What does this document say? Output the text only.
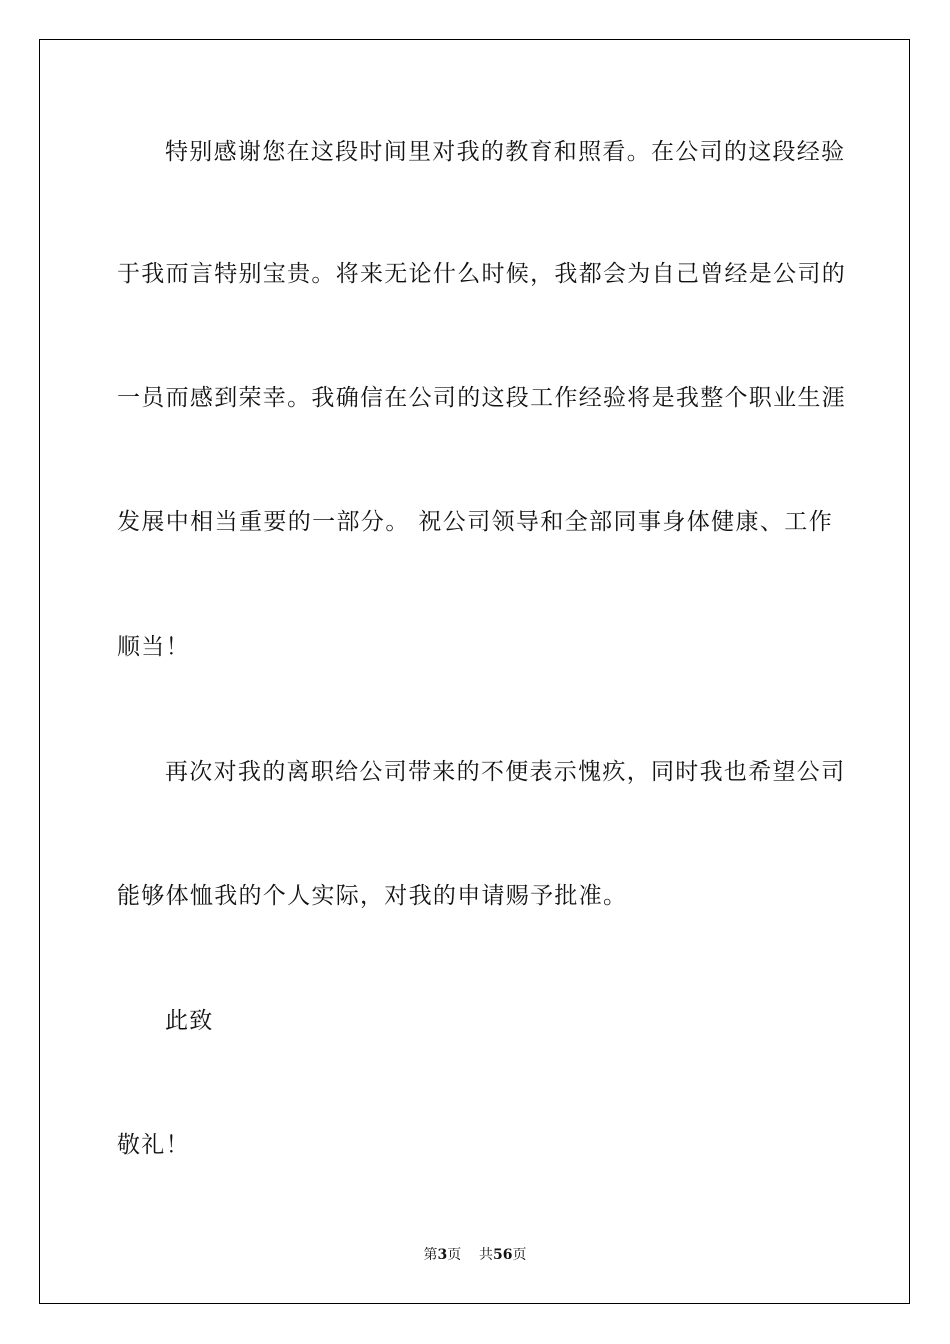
特别感谢您在这段时间里对我的教育和照看。在公司的这段经验
于我而言特别宝贵。将来无论什么时候，我都会为自己曾经是公司的
一员而感到荣幸。我确信在公司的这段工作经验将是我整个职业生涯
发展中相当重要的一部分。 祝公司领导和全部同事身体健康、工作
顺当！
再次对我的离职给公司带来的不便表示愧疚，同时我也希望公司
能够体恤我的个人实际，对我的申请赐予批准。
此致
敬礼！
第3页 共56页
